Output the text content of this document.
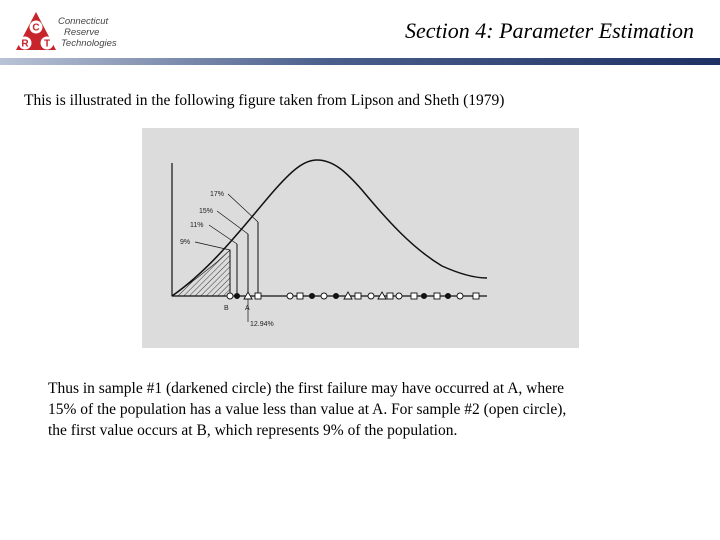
C
R T
Connecticut
Reserve
Technologies
Section 4: Parameter Estimation
This is illustrated in the following figure taken from Lipson and Sheth (1979)
17%
15%
11%
9%
B A
12.94%
Thus in sample #1 (darkened circle) the first failure may have occurred at A, where
15% of the population has a value less than value at A. For sample #2 (open circle),
the first value occurs at B, which represents 9% of the population.
